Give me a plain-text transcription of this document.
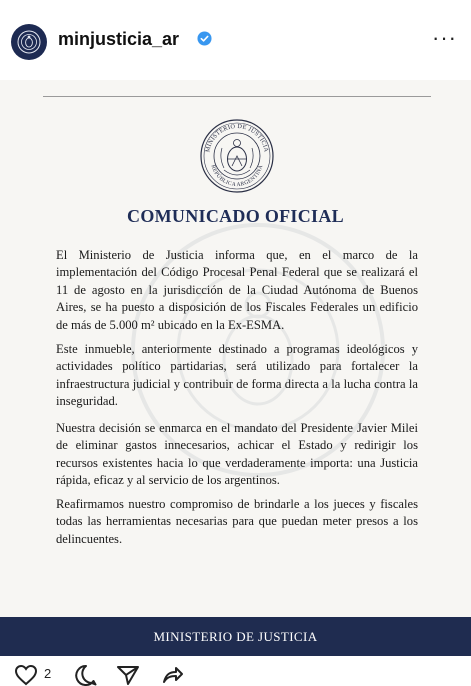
minjusticia_ar	···
MINISTERIO DE JUSTICIA
REPÚBLICA ARGENTINA
COMUNICADO OFICIAL

El Ministerio de Justicia informa que, en el marco de la implementación del Código Procesal Penal Federal que se realizará el 11 de agosto en la jurisdicción de la Ciudad Autónoma de Buenos Aires, se ha puesto a disposición de los Fiscales Federales un edificio de más de 5.000 m² ubicado en la Ex-ESMA.

Este inmueble, anteriormente destinado a programas ideológicos y actividades político partidarias, será utilizado para fortalecer la infraestructura judicial y contribuir de forma directa a la lucha contra la inseguridad.

Nuestra decisión se enmarca en el mandato del Presidente Javier Milei de eliminar gastos innecesarios, achicar el Estado y redirigir los recursos existentes hacia lo que verdaderamente importa: una Justicia rápida, eficaz y al servicio de los argentinos.

Reafirmamos nuestro compromiso de brindarle a los jueces y fiscales todas las herramientas necesarias para que puedan meter presos a los delincuentes.

MINISTERIO DE JUSTICIA
2
